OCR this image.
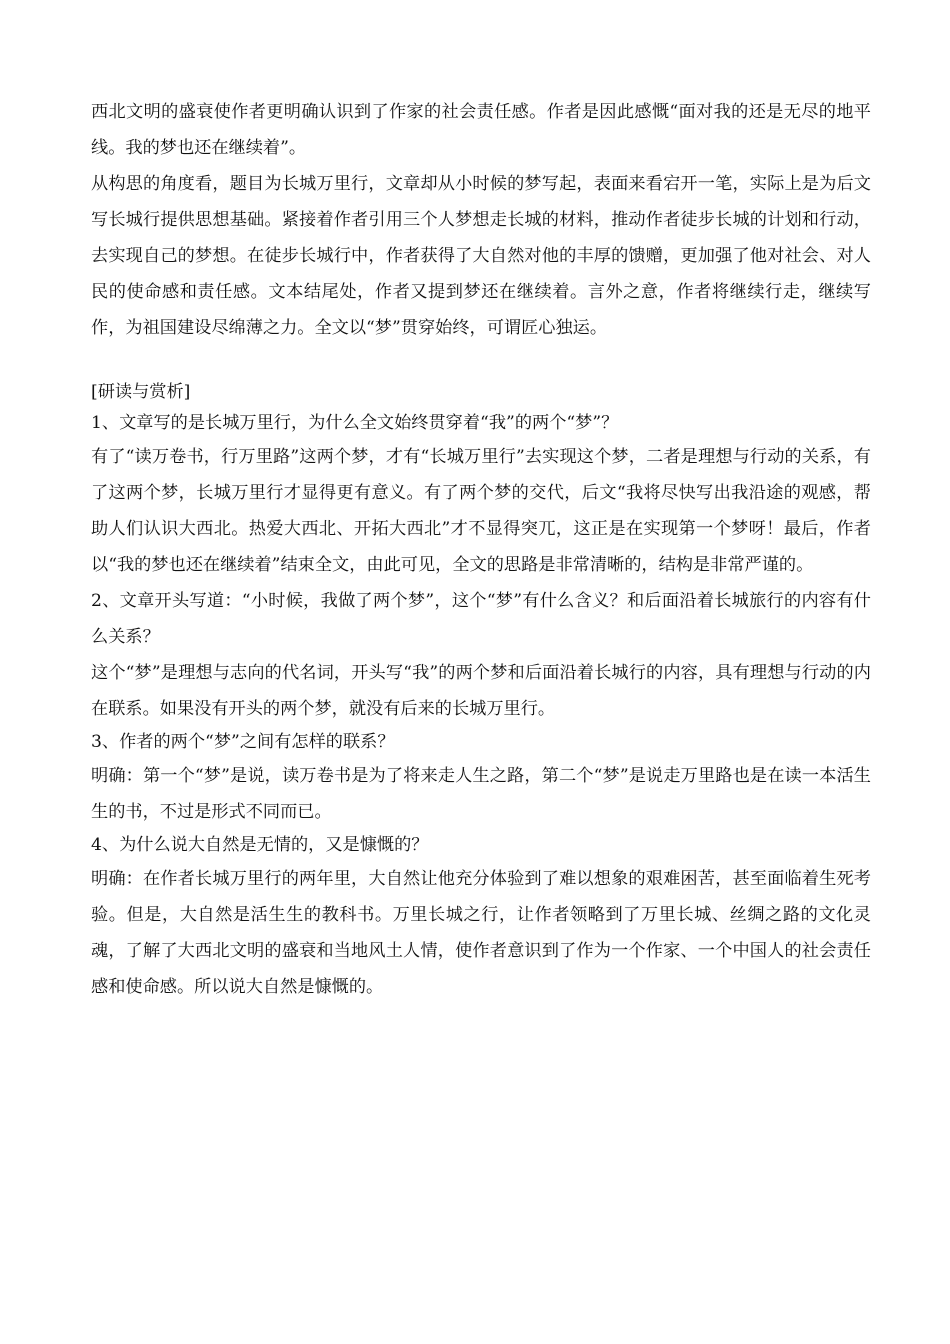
西北文明的盛衰使作者更明确认识到了作家的社会责任感。作者是因此感慨“面对我的还是无尽的地平线。我的梦也还在继续着”。

从构思的角度看，题目为长城万里行，文章却从小时候的梦写起，表面来看宕开一笔，实际上是为后文写长城行提供思想基础。紧接着作者引用三个人梦想走长城的材料，推动作者徒步长城的计划和行动，去实现自己的梦想。在徒步长城行中，作者获得了大自然对他的丰厚的馈赠，更加强了他对社会、对人民的使命感和责任感。文本结尾处，作者又提到梦还在继续着。言外之意，作者将继续行走，继续写作，为祖国建设尽绵薄之力。全文以“梦”贯穿始终，可谓匠心独运。

[研读与赏析]

1、文章写的是长城万里行，为什么全文始终贯穿着“我”的两个“梦”？

有了“读万卷书，行万里路”这两个梦，才有“长城万里行”去实现这个梦，二者是理想与行动的关系，有了这两个梦，长城万里行才显得更有意义。有了两个梦的交代，后文“我将尽快写出我沿途的观感，帮助人们认识大西北。热爱大西北、开拓大西北”才不显得突兀，这正是在实现第一个梦呀！最后，作者以“我的梦也还在继续着”结束全文，由此可见，全文的思路是非常清晰的，结构是非常严谨的。

2、文章开头写道：“小时候，我做了两个梦”，这个“梦”有什么含义？和后面沿着长城旅行的内容有什么关系？

这个“梦”是理想与志向的代名词，开头写“我”的两个梦和后面沿着长城行的内容，具有理想与行动的内在联系。如果没有开头的两个梦，就没有后来的长城万里行。

3、作者的两个“梦”之间有怎样的联系？

明确：第一个“梦”是说，读万卷书是为了将来走人生之路，第二个“梦”是说走万里路也是在读一本活生生的书，不过是形式不同而已。

4、为什么说大自然是无情的，又是慷慨的？

明确：在作者长城万里行的两年里，大自然让他充分体验到了难以想象的艰难困苦，甚至面临着生死考验。但是，大自然是活生生的教科书。万里长城之行，让作者领略到了万里长城、丝绸之路的文化灵魂，了解了大西北文明的盛衰和当地风土人情，使作者意识到了作为一个作家、一个中国人的社会责任感和使命感。所以说大自然是慷慨的。
